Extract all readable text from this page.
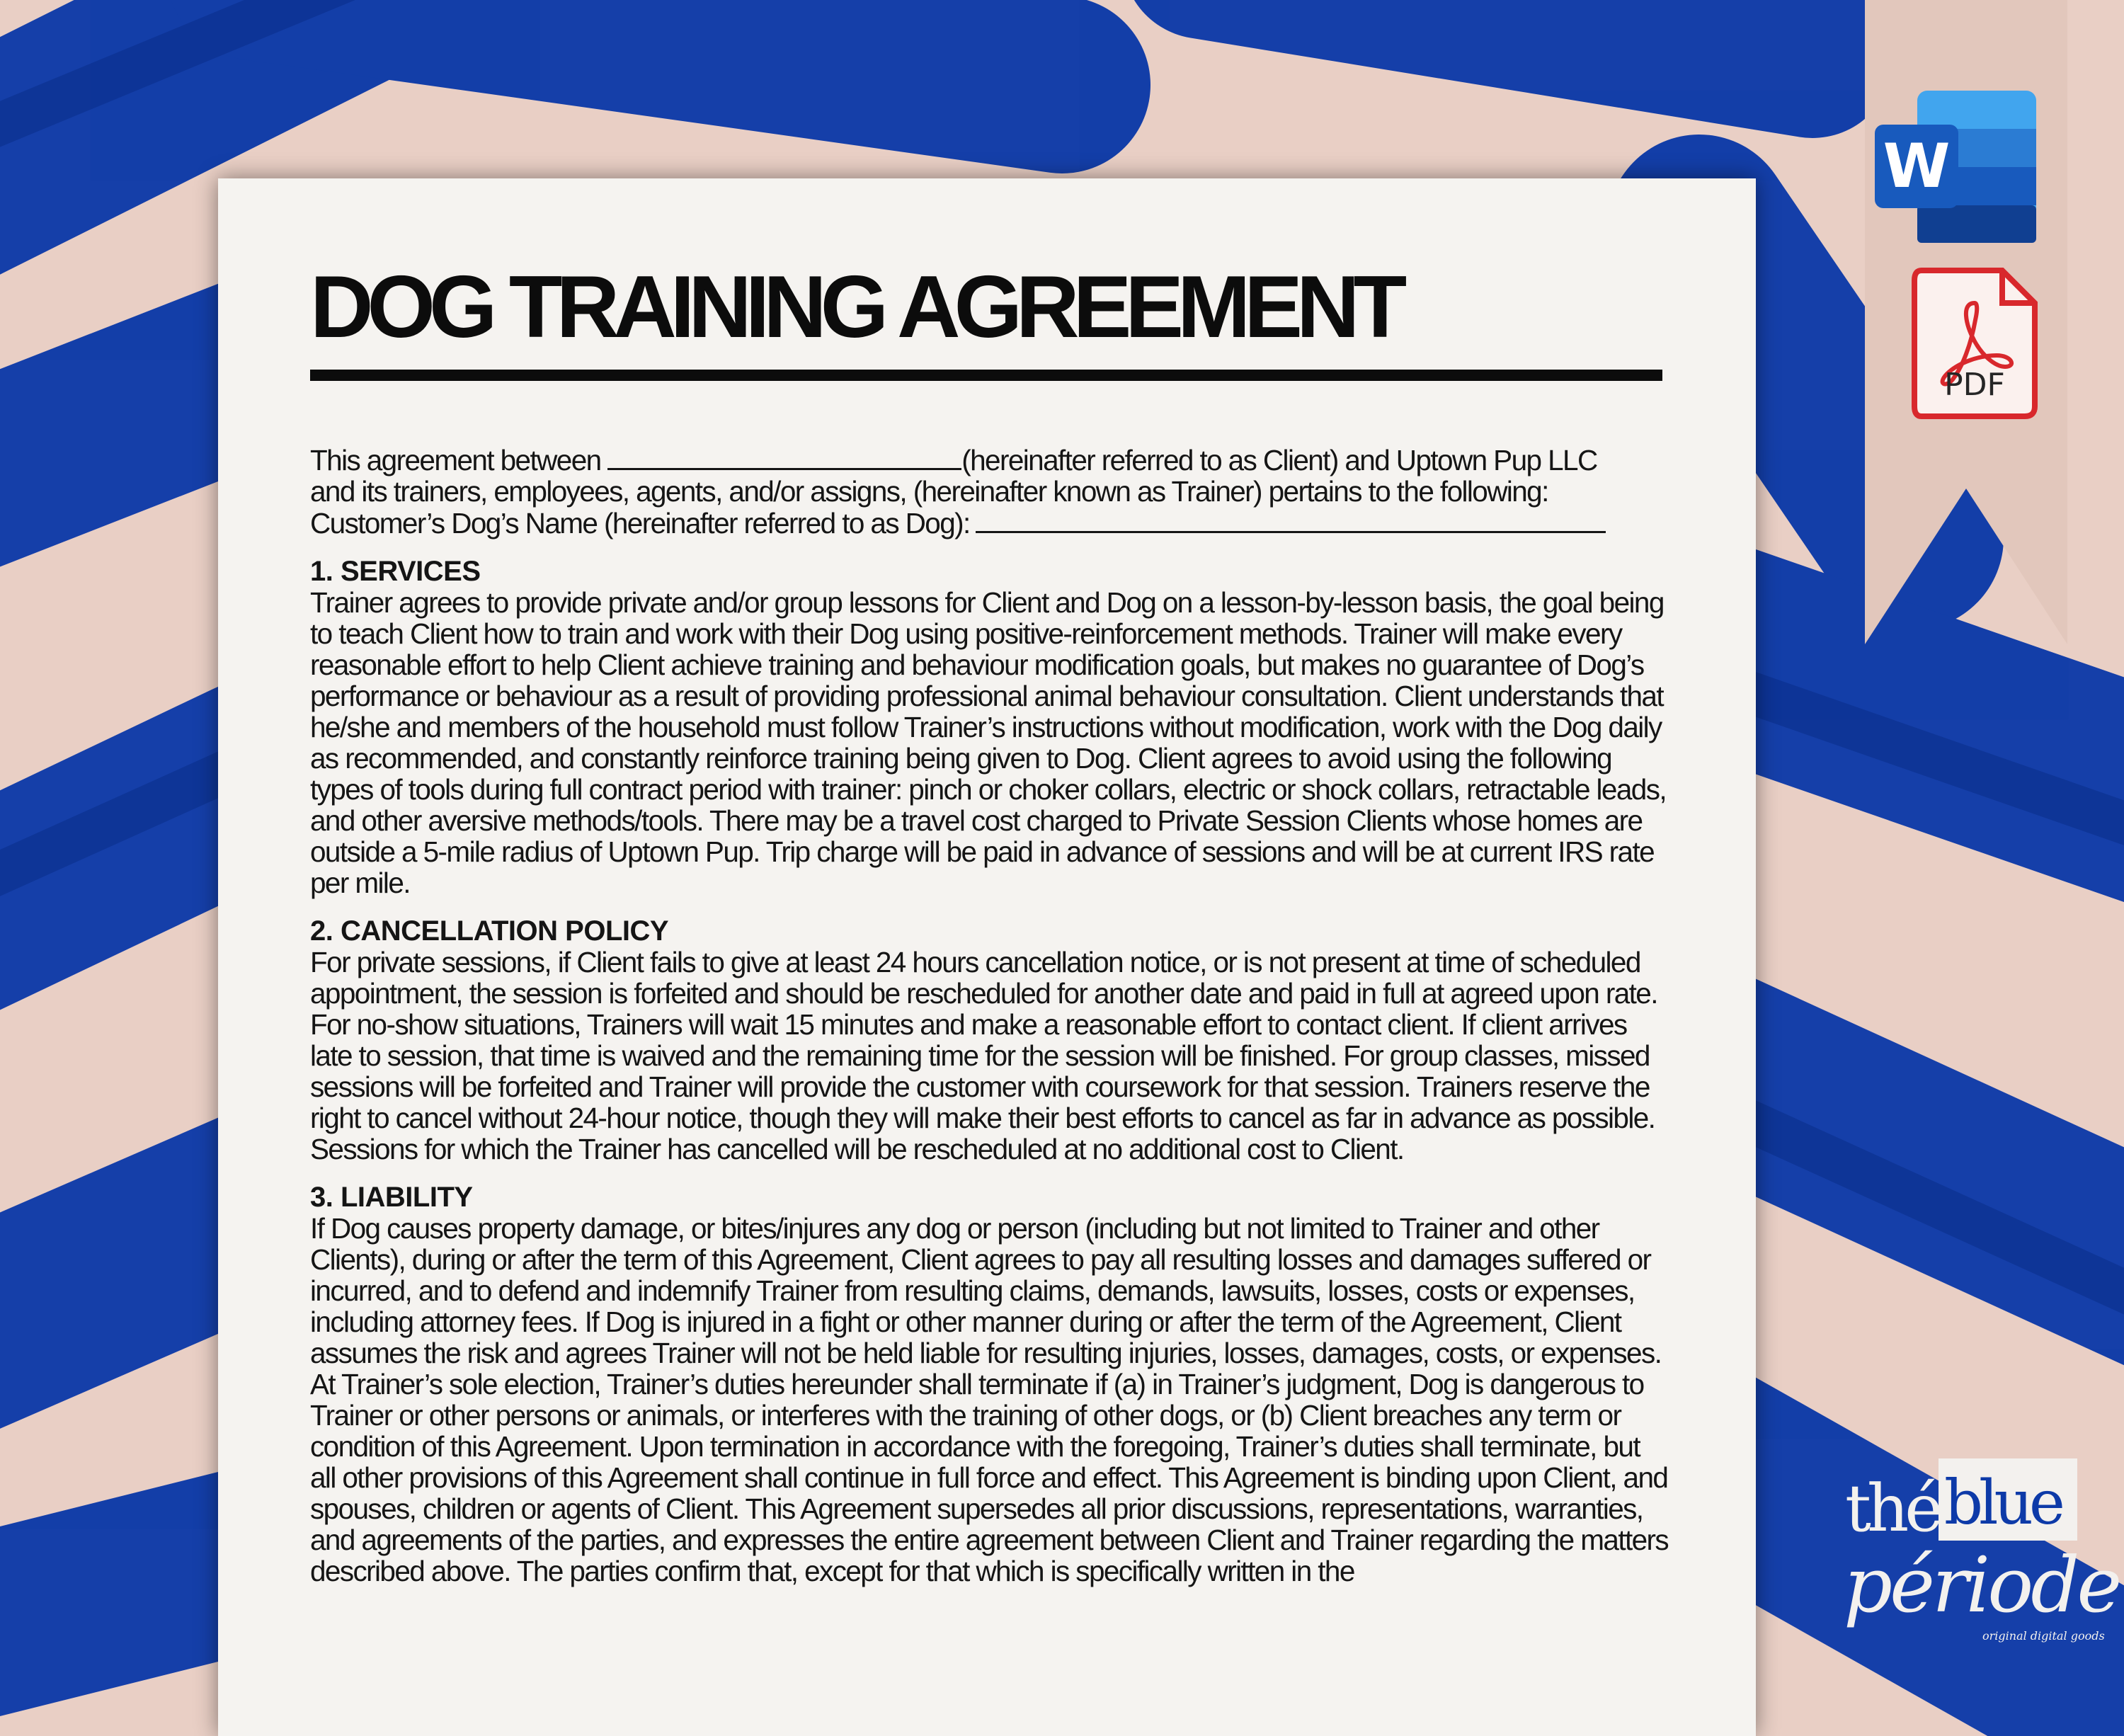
W
PDF
DOG TRAINING AGREEMENT

This agreement between	(hereinafter referred to as Client) and Uptown Pup LLC
and its trainers, employees, agents, and/or assigns, (hereinafter known as Trainer) pertains to the following:
Customer’s Dog’s Name (hereinafter referred to as Dog):

1. SERVICES

Trainer agrees to provide private and/or group lessons for Client and Dog on a lesson-by-lesson basis, the goal being to teach Client how to train and work with their Dog using positive-reinforcement methods. Trainer will make every reasonable effort to help Client achieve training and behaviour modification goals, but makes no guarantee of Dog’s performance or behaviour as a result of providing professional animal behaviour consultation. Client understands that he/she and members of the household must follow Trainer’s instructions without modification, work with the Dog daily as recommended, and constantly reinforce training being given to Dog. Client agrees to avoid using the following types of tools during full contract period with trainer: pinch or choker collars, electric or shock collars, retractable leads, and other aversive methods/tools. There may be a travel cost charged to Private Session Clients whose homes are outside a 5-mile radius of Uptown Pup. Trip charge will be paid in advance of sessions and will be at current IRS rate per mile.

2. CANCELLATION POLICY

For private sessions, if Client fails to give at least 24 hours cancellation notice, or is not present at time of scheduled appointment, the session is forfeited and should be rescheduled for another date and paid in full at agreed upon rate. For no-show situations, Trainers will wait 15 minutes and make a reasonable effort to contact client. If client arrives late to session, that time is waived and the remaining time for the session will be finished. For group classes, missed sessions will be forfeited and Trainer will provide the customer with coursework for that session. Trainers reserve the right to cancel without 24-hour notice, though they will make their best efforts to cancel as far in advance as possible. Sessions for which the Trainer has cancelled will be rescheduled at no additional cost to Client.

3. LIABILITY

If Dog causes property damage, or bites/injures any dog or person (including but not limited to Trainer and other Clients), during or after the term of this Agreement, Client agrees to pay all resulting losses and damages suffered or incurred, and to defend and indemnify Trainer from resulting claims, demands, lawsuits, losses, costs or expenses, including attorney fees. If Dog is injured in a fight or other manner during or after the term of the Agreement, Client assumes the risk and agrees Trainer will not be held liable for resulting injuries, losses, damages, costs, or expenses. At Trainer’s sole election, Trainer’s duties hereunder shall terminate if (a) in Trainer’s judgment, Dog is dangerous to Trainer or other persons or animals, or interferes with the training of other dogs, or (b) Client breaches any term or condition of this Agreement. Upon termination in accordance with the foregoing, Trainer’s duties shall terminate, but all other provisions of this Agreement shall continue in full force and effect. This Agreement is binding upon Client, and spouses, children or agents of Client. This Agreement supersedes all prior discussions, representations, warranties, and agreements of the parties, and expresses the entire agreement between Client and Trainer regarding the matters described above. The parties confirm that, except for that which is specifically written in the

thé blue
période
original digital goods
